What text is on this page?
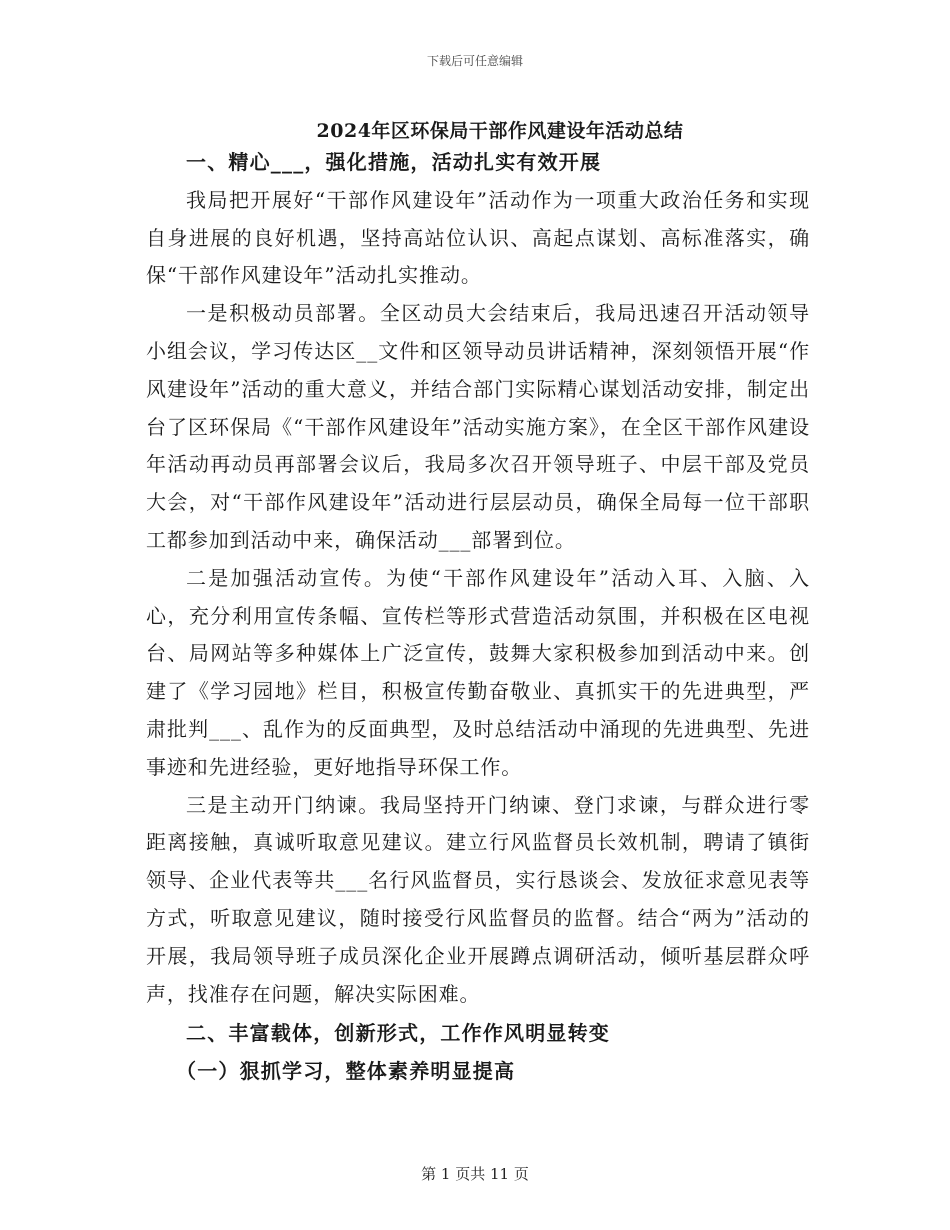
下载后可任意编辑
2024年区环保局干部作风建设年活动总结

一、精心___，强化措施，活动扎实有效开展

我局把开展好“干部作风建设年”活动作为一项重大政治任务和实现自身进展的良好机遇，坚持高站位认识、高起点谋划、高标准落实，确保“干部作风建设年”活动扎实推动。

一是积极动员部署。全区动员大会结束后，我局迅速召开活动领导小组会议，学习传达区__文件和区领导动员讲话精神，深刻领悟开展“作风建设年”活动的重大意义，并结合部门实际精心谋划活动安排，制定出台了区环保局《“干部作风建设年”活动实施方案》，在全区干部作风建设年活动再动员再部署会议后，我局多次召开领导班子、中层干部及党员大会，对“干部作风建设年”活动进行层层动员，确保全局每一位干部职工都参加到活动中来，确保活动___部署到位。

二是加强活动宣传。为使“干部作风建设年”活动入耳、入脑、入心，充分利用宣传条幅、宣传栏等形式营造活动氛围，并积极在区电视台、局网站等多种媒体上广泛宣传，鼓舞大家积极参加到活动中来。创建了《学习园地》栏目，积极宣传勤奋敬业、真抓实干的先进典型，严肃批判___、乱作为的反面典型，及时总结活动中涌现的先进典型、先进事迹和先进经验，更好地指导环保工作。

三是主动开门纳谏。我局坚持开门纳谏、登门求谏，与群众进行零距离接触，真诚听取意见建议。建立行风监督员长效机制，聘请了镇街领导、企业代表等共___名行风监督员，实行恳谈会、发放征求意见表等方式，听取意见建议，随时接受行风监督员的监督。结合“两为”活动的开展，我局领导班子成员深化企业开展蹲点调研活动，倾听基层群众呼声，找准存在问题，解决实际困难。

二、丰富载体，创新形式，工作作风明显转变

（一）狠抓学习，整体素养明显提高

第 1 页共 11 页
